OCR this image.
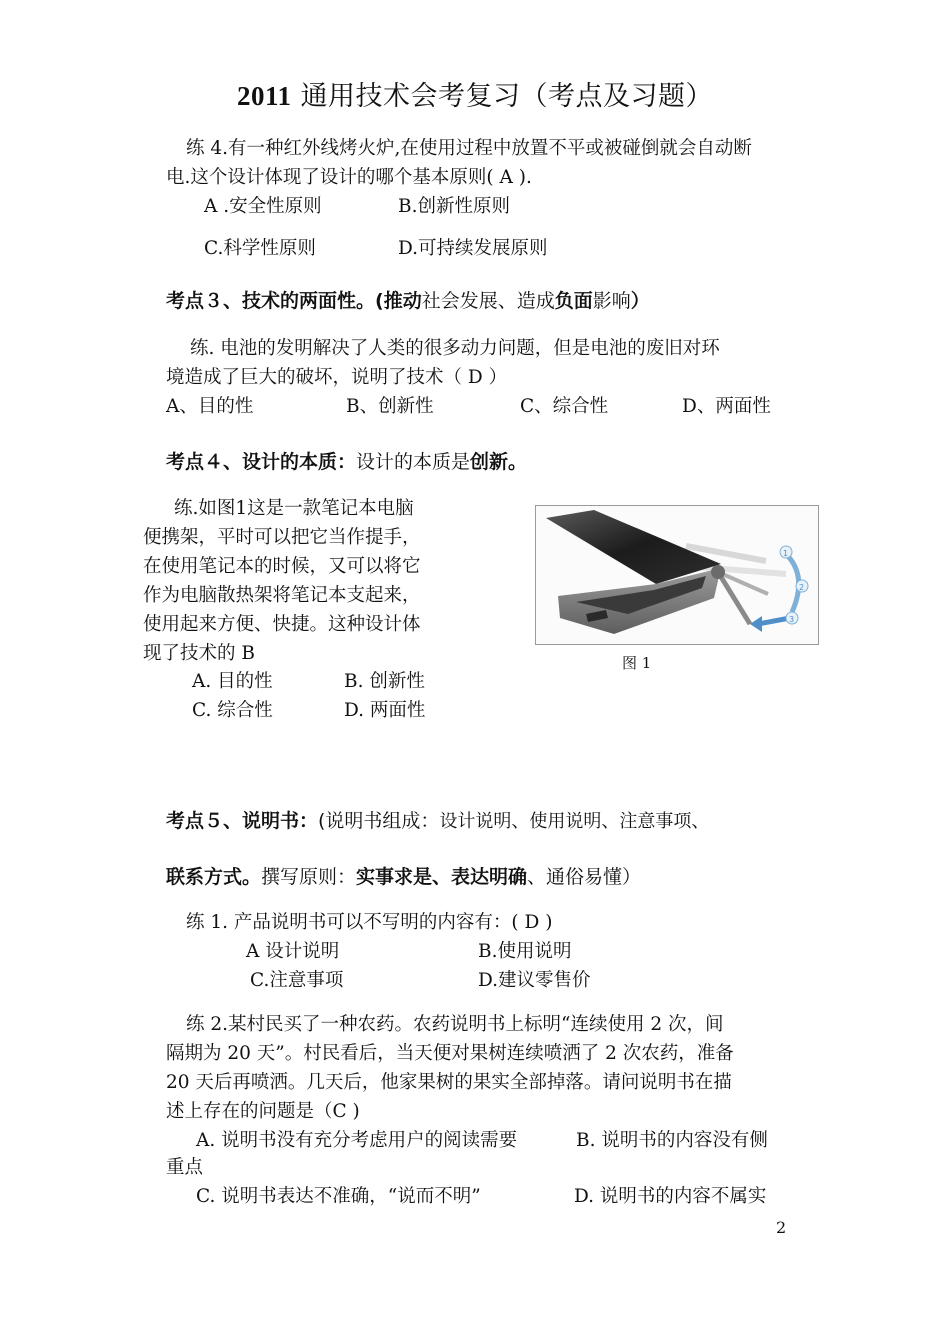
2011 通用技术会考复习（考点及习题）
练 4.有一种红外线烤火炉,在使用过程中放置不平或被碰倒就会自动断
电.这个设计体现了设计的哪个基本原则( A ).
A .安全性原则	B.创新性原则
C.科学性原则	D.可持续发展原则
考点３、技术的两面性。(推动社会发展、造成负面影响）
练. 电池的发明解决了人类的很多动力问题，但是电池的废旧对环
境造成了巨大的破坏，说明了技术（ D ）
A、目的性	B、创新性	C、综合性	D、两面性
考点４、设计的本质：设计的本质是创新。
练.如图1这是一款笔记本电脑
便携架，平时可以把它当作提手，
在使用笔记本的时候，又可以将它
作为电脑散热架将笔记本支起来，
使用起来方便、快捷。这种设计体
现了技术的 B
A. 目的性	B. 创新性
C. 综合性	D. 两面性
1
2
3
图 1
考点５、说明书：(说明书组成：设计说明、使用说明、注意事项、
联系方式。撰写原则：实事求是、表达明确、通俗易懂）
练 1. 产品说明书可以不写明的内容有：( D )
A 设计说明	B.使用说明
C.注意事项	D.建议零售价
练 2.某村民买了一种农药。农药说明书上标明“连续使用 2 次，间
隔期为 20 天”。村民看后，当天便对果树连续喷洒了 2 次农药，准备
20 天后再喷洒。几天后，他家果树的果实全部掉落。请问说明书在描
述上存在的问题是（C )
A. 说明书没有充分考虑用户的阅读需要	B. 说明书的内容没有侧
重点
C. 说明书表达不准确，“说而不明”	D. 说明书的内容不属实
2
